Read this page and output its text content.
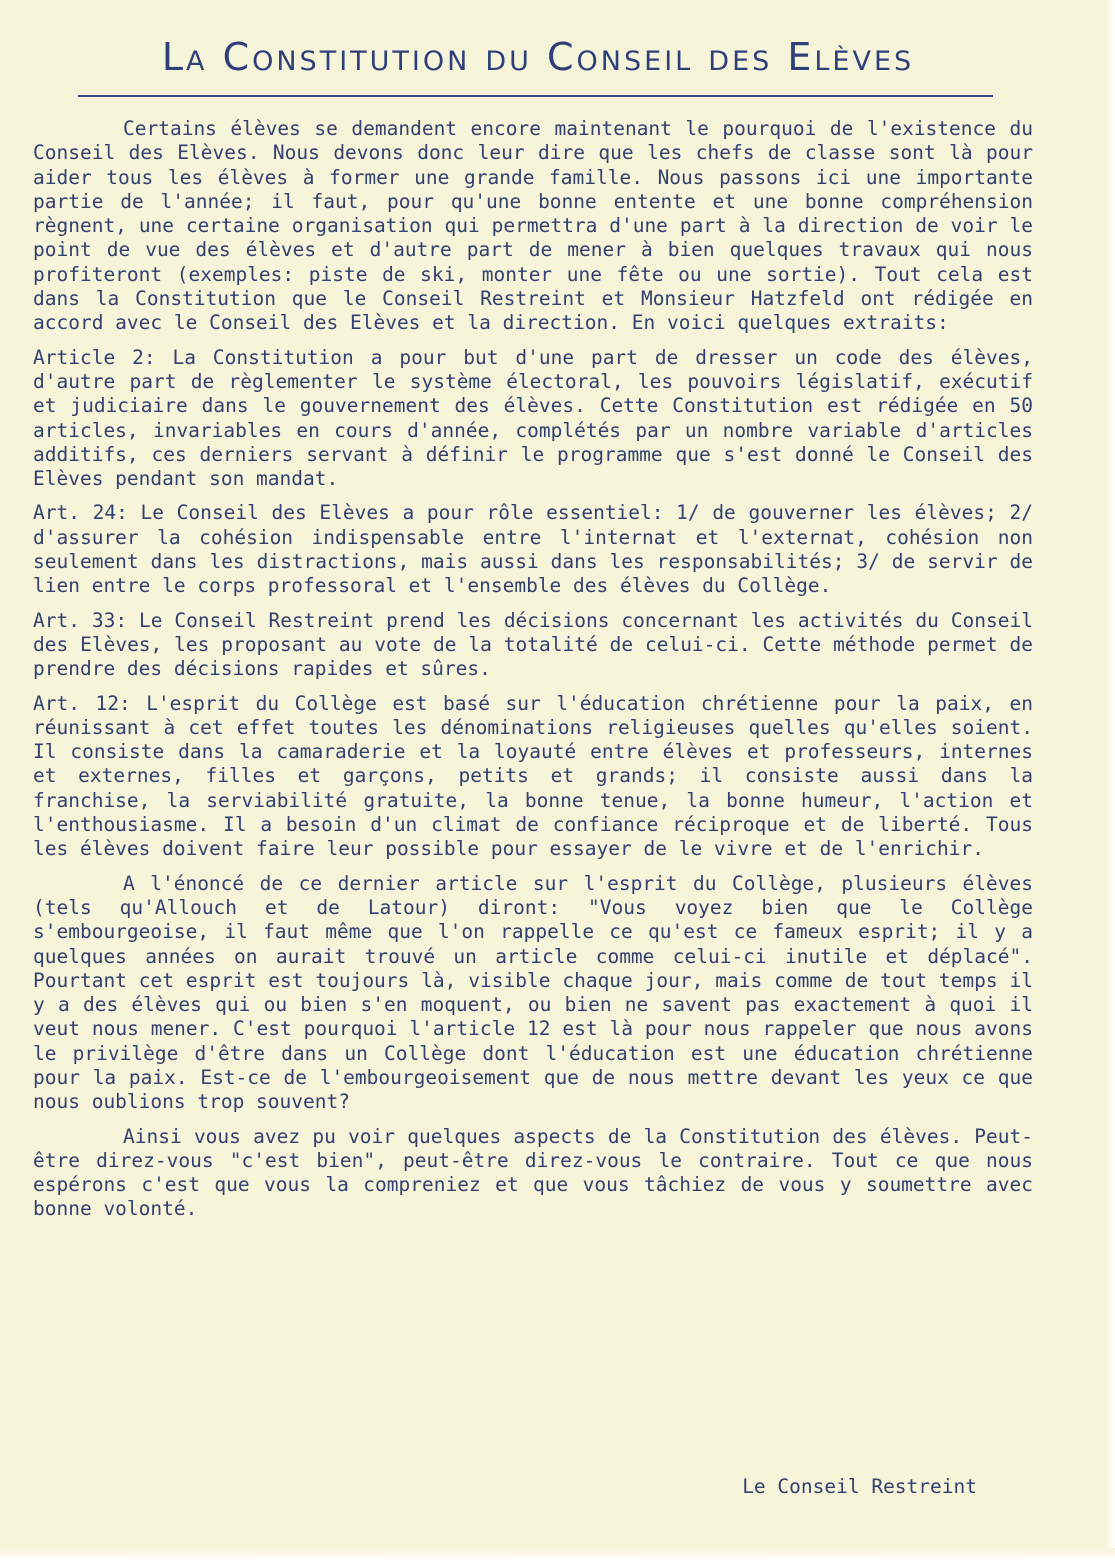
La Constitution du Conseil des Elèves

Certains élèves se demandent encore maintenant le pourquoi de l'existence du Conseil des Elèves. Nous devons donc leur dire que les chefs de classe sont là pour aider tous les élèves à former une grande famille. Nous passons ici une importante partie de l'année; il faut, pour qu'une bonne entente et une bonne compréhension règnent, une certaine organisation qui permettra d'une part à la direction de voir le point de vue des élèves et d'autre part de mener à bien quelques travaux qui nous profiteront (exemples: piste de ski, monter une fête ou une sortie). Tout cela est dans la Constitution que le Conseil Restreint et Monsieur Hatzfeld ont rédigée en accord avec le Conseil des Elèves et la direction. En voici quelques extraits:

Article 2: La Constitution a pour but d'une part de dresser un code des élèves, d'autre part de règlementer le système électoral, les pouvoirs législatif, exécutif et judiciaire dans le gouvernement des élèves. Cette Constitution est rédigée en 50 articles, invariables en cours d'année, complétés par un nombre variable d'articles additifs, ces derniers servant à définir le programme que s'est donné le Conseil des Elèves pendant son mandat.

Art. 24: Le Conseil des Elèves a pour rôle essentiel: 1/ de gouverner les élèves; 2/ d'assurer la cohésion indispensable entre l'internat et l'externat, cohésion non seulement dans les distractions, mais aussi dans les responsabilités; 3/ de servir de lien entre le corps professoral et l'ensemble des élèves du Collège.

Art. 33: Le Conseil Restreint prend les décisions concernant les activités du Conseil des Elèves, les proposant au vote de la totalité de celui-ci. Cette méthode permet de prendre des décisions rapides et sûres.

Art. 12: L'esprit du Collège est basé sur l'éducation chrétienne pour la paix, en réunissant à cet effet toutes les dénominations religieuses quelles qu'elles soient. Il consiste dans la camaraderie et la loyauté entre élèves et professeurs, internes et externes, filles et garçons, petits et grands; il consiste aussi dans la franchise, la serviabilité gratuite, la bonne tenue, la bonne humeur, l'action et l'enthousiasme. Il a besoin d'un climat de confiance réciproque et de liberté. Tous les élèves doivent faire leur possible pour essayer de le vivre et de l'enrichir.

A l'énoncé de ce dernier article sur l'esprit du Collège, plusieurs élèves (tels qu'Allouch et de Latour) diront: "Vous voyez bien que le Collège s'embourgeoise, il faut même que l'on rappelle ce qu'est ce fameux esprit; il y a quelques années on aurait trouvé un article comme celui-ci inutile et déplacé". Pourtant cet esprit est toujours là, visible chaque jour, mais comme de tout temps il y a des élèves qui ou bien s'en moquent, ou bien ne savent pas exactement à quoi il veut nous mener. C'est pourquoi l'article 12 est là pour nous rappeler que nous avons le privilège d'être dans un Collège dont l'éducation est une éducation chrétienne pour la paix. Est-ce de l'embourgeoisement que de nous mettre devant les yeux ce que nous oublions trop souvent?

Ainsi vous avez pu voir quelques aspects de la Constitution des élèves. Peut-être direz-vous "c'est bien", peut-être direz-vous le contraire. Tout ce que nous espérons c'est que vous la compreniez et que vous tâchiez de vous y soumettre avec bonne volonté.

Le Conseil Restreint
